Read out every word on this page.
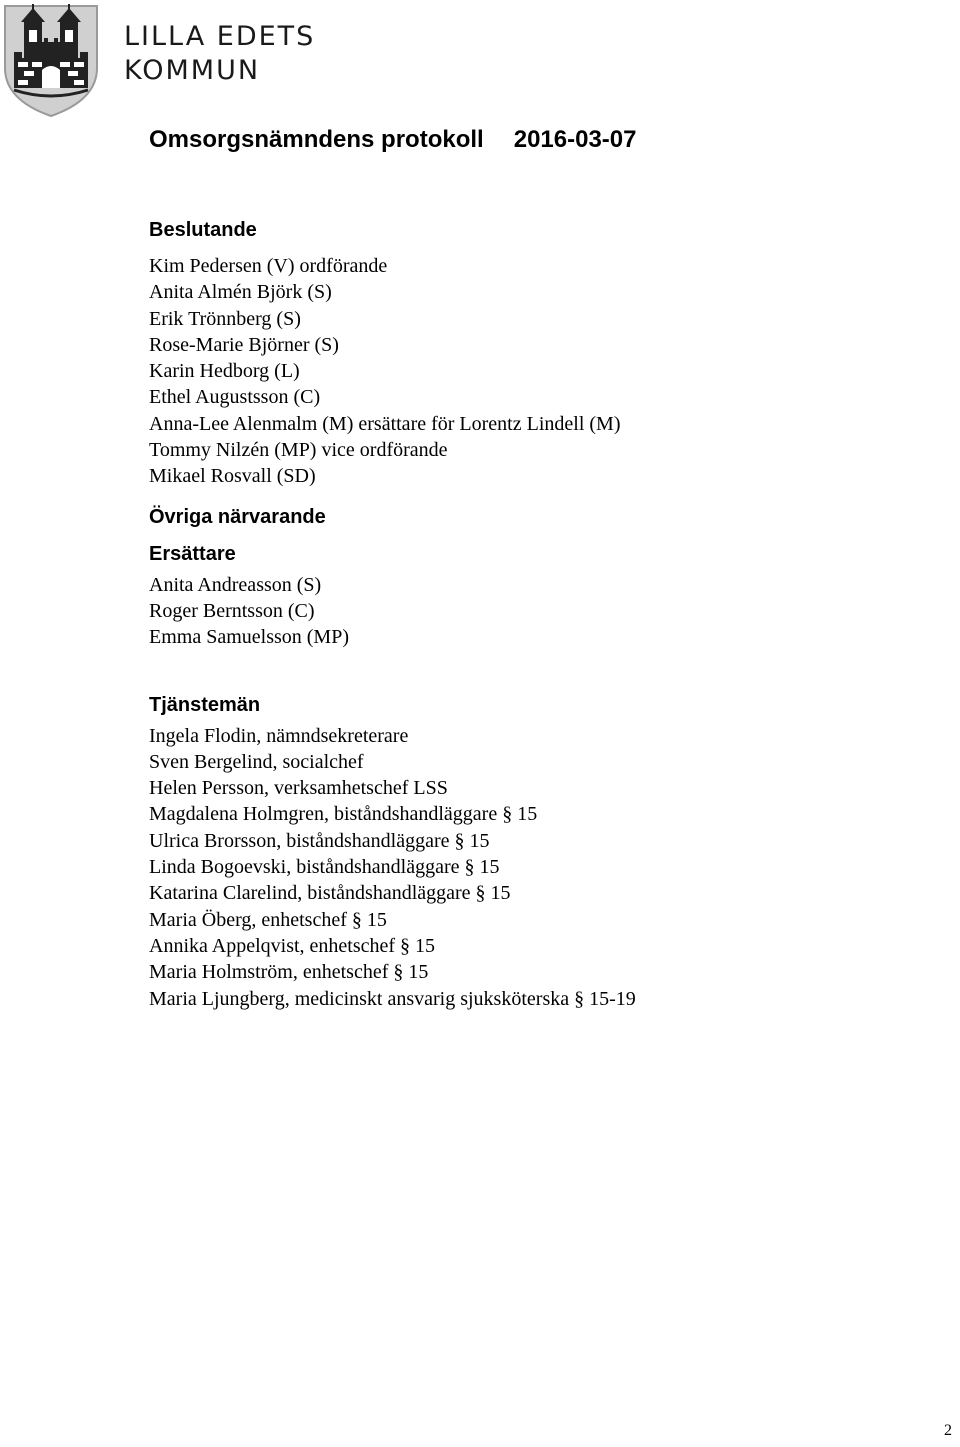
LILLA EDETS
KOMMUN
Omsorgsnämndens protokoll 2016-03-07
Beslutande
Kim Pedersen (V) ordförande
Anita Almén Björk (S)
Erik Trönnberg (S)
Rose-Marie Björner (S)
Karin Hedborg (L)
Ethel Augustsson (C)
Anna-Lee Alenmalm (M) ersättare för Lorentz Lindell (M)
Tommy Nilzén (MP) vice ordförande
Mikael Rosvall (SD)
Övriga närvarande
Ersättare
Anita Andreasson (S)
Roger Berntsson (C)
Emma Samuelsson (MP)
Tjänstemän
Ingela Flodin, nämndsekreterare
Sven Bergelind, socialchef
Helen Persson, verksamhetschef LSS
Magdalena Holmgren, biståndshandläggare § 15
Ulrica Brorsson, biståndshandläggare § 15
Linda Bogoevski, biståndshandläggare § 15
Katarina Clarelind, biståndshandläggare § 15
Maria Öberg, enhetschef § 15
Annika Appelqvist, enhetschef § 15
Maria Holmström, enhetschef § 15
Maria Ljungberg, medicinskt ansvarig sjuksköterska § 15-19
2
